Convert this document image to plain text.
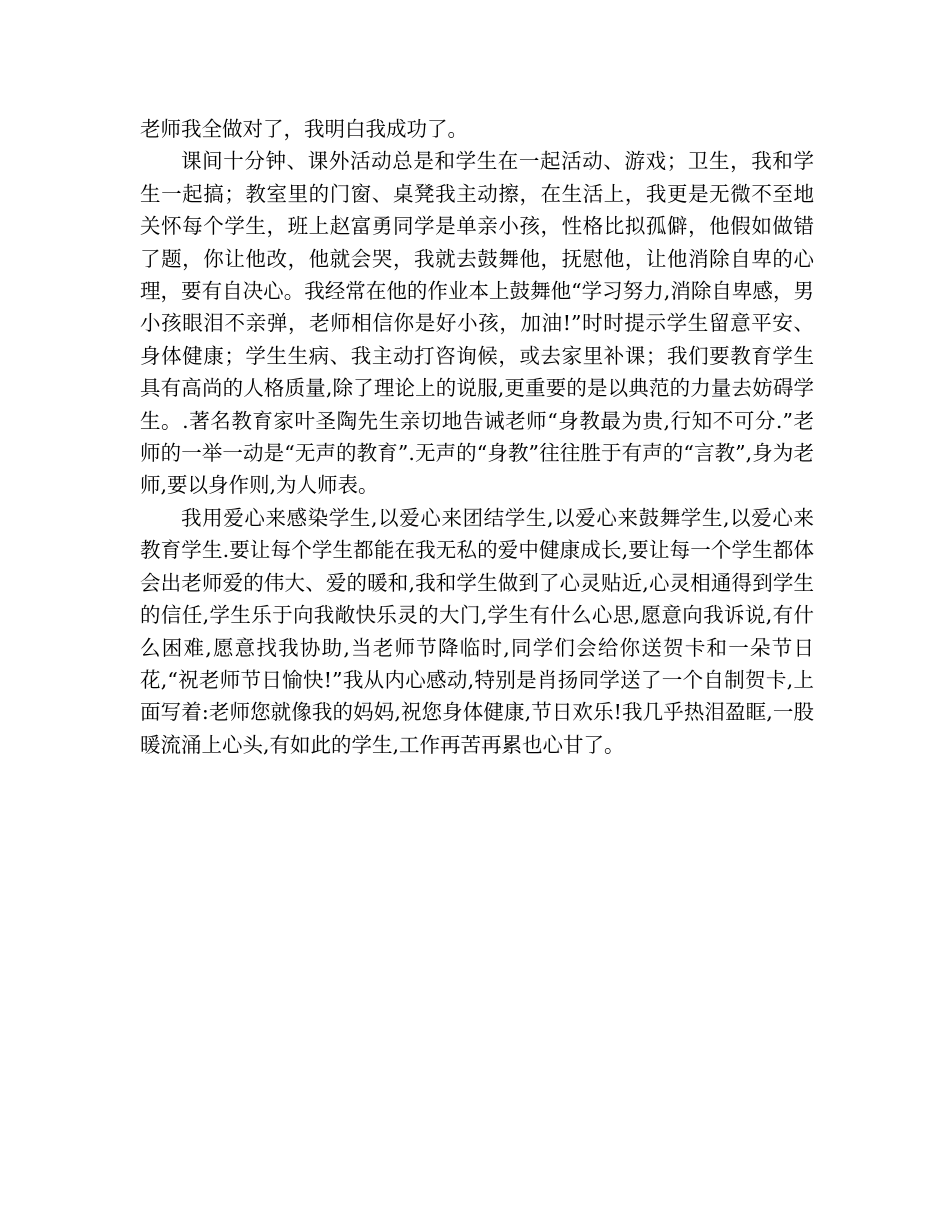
老师我全做对了，我明白我成功了。

课间十分钟、课外活动总是和学生在一起活动、游戏；卫生，我和学生一起搞；教室里的门窗、桌凳我主动擦，在生活上，我更是无微不至地关怀每个学生，班上赵富勇同学是单亲小孩，性格比拟孤僻，他假如做错了题，你让他改，他就会哭，我就去鼓舞他，抚慰他，让他消除自卑的心理，要有自决心。我经常在他的作业本上鼓舞他“学习努力,消除自卑感，男小孩眼泪不亲弹，老师相信你是好小孩，加油!”时时提示学生留意平安、身体健康；学生生病、我主动打咨询候，或去家里补课；我们要教育学生具有高尚的人格质量,除了理论上的说服,更重要的是以典范的力量去妨碍学生。.著名教育家叶圣陶先生亲切地告诫老师“身教最为贵,行知不可分.”老师的一举一动是“无声的教育”.无声的“身教”往往胜于有声的“言教”,身为老师,要以身作则,为人师表。

我用爱心来感染学生,以爱心来团结学生,以爱心来鼓舞学生,以爱心来教育学生.要让每个学生都能在我无私的爱中健康成长,要让每一个学生都体会出老师爱的伟大、爱的暖和,我和学生做到了心灵贴近,心灵相通得到学生的信任,学生乐于向我敞快乐灵的大门,学生有什么心思,愿意向我诉说,有什么困难,愿意找我协助,当老师节降临时,同学们会给你送贺卡和一朵节日花,“祝老师节日愉快!”我从内心感动,特别是肖扬同学送了一个自制贺卡,上面写着:老师您就像我的妈妈,祝您身体健康,节日欢乐!我几乎热泪盈眶,一股暖流涌上心头,有如此的学生,工作再苦再累也心甘了。
